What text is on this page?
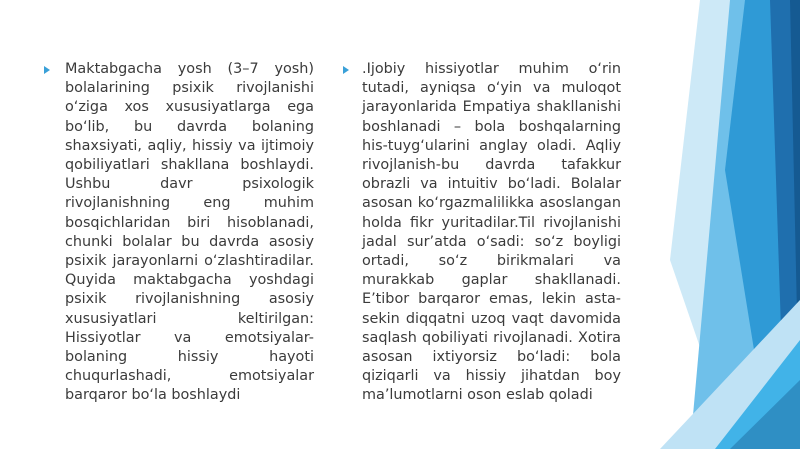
Maktabgacha yosh (3–7 yosh) bolalarining psixik rivojlanishi o‘ziga xos xususiyatlarga ega bo‘lib, bu davrda bolaning shaxsiyati, aqliy, hissiy va ijtimoiy qobiliyatlari shakllana boshlaydi. Ushbu davr psixologik rivojlanishning eng muhim bosqichlaridan biri hisoblanadi, chunki bolalar bu davrda asosiy psixik jarayonlarni o‘zlashtiradilar. Quyida maktabgacha yoshdagi psixik rivojlanishning asosiy xususiyatlari keltirilgan: Hissiyotlar va emotsiyalar-bolaning hissiy hayoti chuqurlashadi, emotsiyalar barqaror bo‘la boshlaydi
.Ijobiy hissiyotlar muhim o‘rin tutadi, ayniqsa o‘yin va muloqot jarayonlarida Empatiya shakllanishi boshlanadi – bola boshqalarning his-tuyg‘ularini anglay oladi. Aqliy rivojlanish-bu davrda tafakkur obrazli va intuitiv bo‘ladi. Bolalar asosan ko‘rgazmalilikka asoslangan holda fikr yuritadilar.Til rivojlanishi jadal sur’atda o‘sadi: so‘z boyligi ortadi, so‘z birikmalari va murakkab gaplar shakllanadi. E’tibor barqaror emas, lekin asta-sekin diqqatni uzoq vaqt davomida saqlash qobiliyati rivojlanadi. Xotira asosan ixtiyorsiz bo‘ladi: bola qiziqarli va hissiy jihatdan boy ma’lumotlarni oson eslab qoladi
